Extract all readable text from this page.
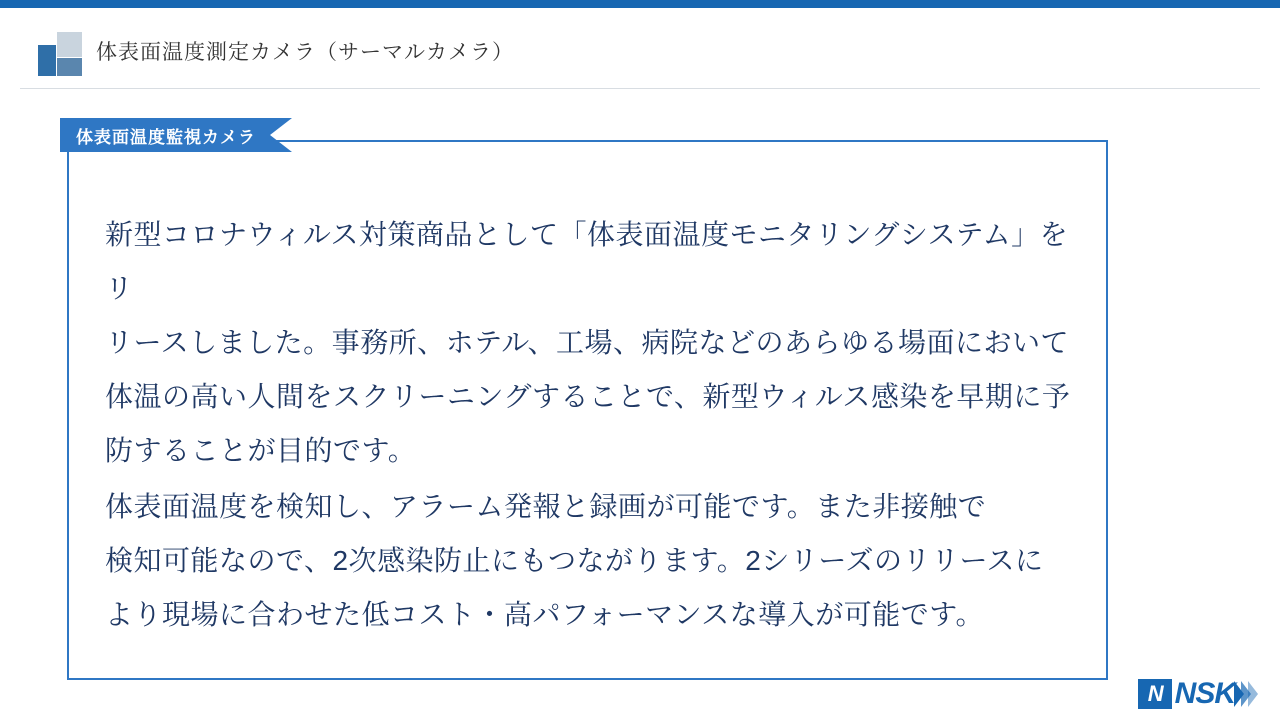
体表面温度測定カメラ（サーマルカメラ）
体表面温度監視カメラ

新型コロナウィルス対策商品として「体表面温度モニタリングシステム」をリ

リースしました。事務所、ホテル、工場、病院などのあらゆる場面において

体温の高い人間をスクリーニングすることで、新型ウィルス感染を早期に予

防することが目的です。

体表面温度を検知し、アラーム発報と録画が可能です。また非接触で

検知可能なので、2次感染防止にもつながります。2シリーズのリリースに

より現場に合わせた低コスト・高パフォーマンスな導入が可能です。

N NSK
